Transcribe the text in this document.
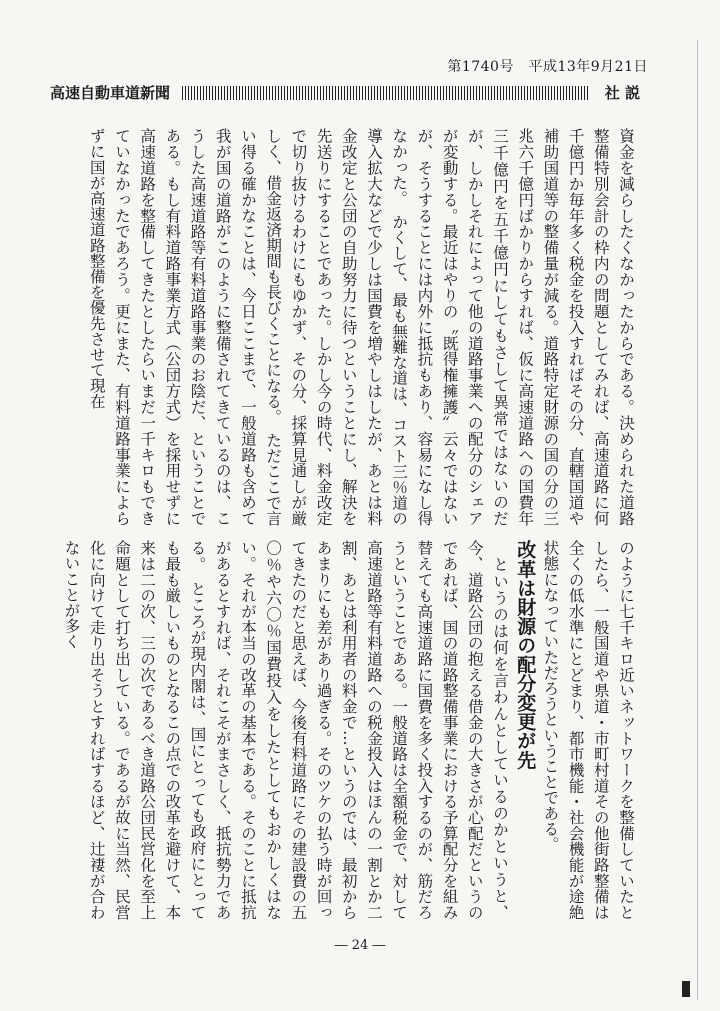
第1740号　平成13年9月21日
高速自動車道新聞	社 説
資金を減らしたくなかったからである。決められた道路整備特別会計の枠内の問題としてみれば、高速道路に何千億円か毎年多く税金を投入すればその分、直轄国道や補助国道等の整備量が減る。道路特定財源の国の分の三兆六千億円ばかりからすれば、仮に高速道路への国費年三千億円を五千億円にしてもさして異常ではないのだが、しかしそれによって他の道路事業への配分のシェアが変動する。最近はやりの〝既得権擁護〟云々ではないが、そうすることには内外に抵抗もあり、容易になし得なかった。　かくして、最も無難な道は、コスト三％道の導入拡大などで少しは国費を増やしはしたが、あとは料金改定と公団の自助努力に待つということにし、解決を先送りにすることであった。しかし今の時代、料金改定で切り抜けるわけにもゆかず、その分、採算見通しが厳しく、借金返済期間も長びくことになる。　ただここで言い得る確かなことは、今日ここまで、一般道路も含めて我が国の道路がこのように整備されてきているのは、こうした高速道路等有料道路事業のお陰だ、ということである。もし有料道路事業方式（公団方式）を採用せずに高速道路を整備してきたとしたらいまだ一千キロもできていなかったであろう。更にまた、有料道路事業によらずに国が高速道路整備を優先させて現在
のように七千キロ近いネットワークを整備していたとしたら、一般国道や県道・市町村道その他街路整備は全くの低水準にとどまり、都市機能・社会機能が途絶状態になっていただろうということである。
改革は財源の配分変更が先
　というのは何を言わんとしているのかというと、今、道路公団の抱える借金の大きさが心配だというのであれば、国の道路整備事業における予算配分を組み替えても高速道路に国費を多く投入するのが、筋だろうということである。一般道路は全額税金で、対して高速道路等有料道路への税金投入はほんの一割とか二割、あとは利用者の料金で…というのでは、最初からあまりにも差があり過ぎる。そのツケの払う時が回ってきたのだと思えば、今後有料道路にその建設費の五〇％や六〇％国費投入をしたとしてもおかしくはない。それが本当の改革の基本である。そのことに抵抗があるとすれば、それこそがまさしく、抵抗勢力である。　ところが現内閣は、国にとっても政府にとっても最も厳しいものとなるこの点での改革を避けて、本来は二の次、三の次であるべき道路公団民営化を至上命題として打ち出している。であるが故に当然、民営化に向けて走り出そうとすればするほど、辻褄が合わないことが多く
― 24 ―
